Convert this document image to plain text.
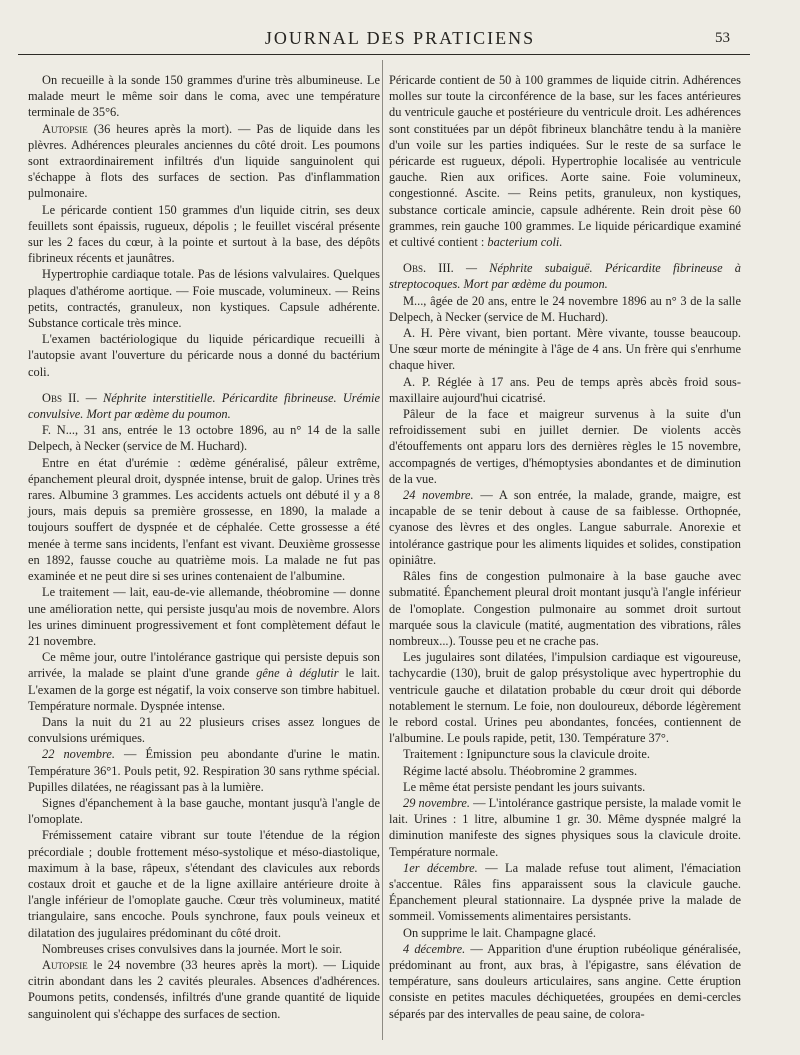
JOURNAL DES PRATICIENS	53

On recueille à la sonde 150 grammes d'urine très albumineuse. Le malade meurt le même soir dans le coma, avec une température terminale de 35°6.

Autopsie (36 heures après la mort). — Pas de liquide dans les plèvres. Adhérences pleurales anciennes du côté droit. Les poumons sont extraordinairement infiltrés d'un liquide sanguinolent qui s'échappe à flots des surfaces de section. Pas d'inflammation pulmonaire.

Le péricarde contient 150 grammes d'un liquide citrin, ses deux feuillets sont épaissis, rugueux, dépolis ; le feuillet viscéral présente sur les 2 faces du cœur, à la pointe et surtout à la base, des dépôts fibrineux récents et jaunâtres.

Hypertrophie cardiaque totale. Pas de lésions valvulaires. Quelques plaques d'athérome aortique. — Foie muscade, volumineux. — Reins petits, contractés, granuleux, non kystiques. Capsule adhérente. Substance corticale très mince.

L'examen bactériologique du liquide péricardique recueilli à l'autopsie avant l'ouverture du péricarde nous a donné du bactérium coli.

Obs II. — Néphrite interstitielle. Péricardite fibrineuse. Urémie convulsive. Mort par œdème du poumon.

F. N..., 31 ans, entrée le 13 octobre 1896, au n° 14 de la salle Delpech, à Necker (service de M. Huchard).

Entre en état d'urémie : œdème généralisé, pâleur extrême, épanchement pleural droit, dyspnée intense, bruit de galop. Urines très rares. Albumine 3 grammes. Les accidents actuels ont débuté il y a 8 jours, mais depuis sa première grossesse, en 1890, la malade a toujours souffert de dyspnée et de céphalée. Cette grossesse a été menée à terme sans incidents, l'enfant est vivant. Deuxième grossesse en 1892, fausse couche au quatrième mois. La malade ne fut pas examinée et ne peut dire si ses urines contenaient de l'albumine.

Le traitement — lait, eau-de-vie allemande, théobromine — donne une amélioration nette, qui persiste jusqu'au mois de novembre. Alors les urines diminuent progressivement et font complètement défaut le 21 novembre.

Ce même jour, outre l'intolérance gastrique qui persiste depuis son arrivée, la malade se plaint d'une grande gêne à déglutir le lait. L'examen de la gorge est négatif, la voix conserve son timbre habituel. Température normale. Dyspnée intense.

Dans la nuit du 21 au 22 plusieurs crises assez longues de convulsions urémiques.

22 novembre. — Émission peu abondante d'urine le matin. Température 36°1. Pouls petit, 92. Respiration 30 sans rythme spécial. Pupilles dilatées, ne réagissant pas à la lumière.

Signes d'épanchement à la base gauche, montant jusqu'à l'angle de l'omoplate.

Frémissement cataire vibrant sur toute l'étendue de la région précordiale ; double frottement méso-systolique et méso-diastolique, maximum à la base, râpeux, s'étendant des clavicules aux rebords costaux droit et gauche et de la ligne axillaire antérieure droite à l'angle inférieur de l'omoplate gauche. Cœur très volumineux, matité triangulaire, sans encoche. Pouls synchrone, faux pouls veineux et dilatation des jugulaires prédominant du côté droit.

Nombreuses crises convulsives dans la journée. Mort le soir.

Autopsie le 24 novembre (33 heures après la mort). — Liquide citrin abondant dans les 2 cavités pleurales. Absences d'adhérences. Poumons petits, condensés, infiltrés d'une grande quantité de liquide sanguinolent qui s'échappe des surfaces de section.

Péricarde contient de 50 à 100 grammes de liquide citrin. Adhérences molles sur toute la circonférence de la base, sur les faces antérieures du ventricule gauche et postérieure du ventricule droit. Les adhérences sont constituées par un dépôt fibrineux blanchâtre tendu à la manière d'un voile sur les parties indiquées. Sur le reste de sa surface le péricarde est rugueux, dépoli. Hypertrophie localisée au ventricule gauche. Rien aux orifices. Aorte saine. Foie volumineux, congestionné. Ascite. — Reins petits, granuleux, non kystiques, substance corticale amincie, capsule adhérente. Rein droit pèse 60 grammes, rein gauche 100 grammes. Le liquide péricardique examiné et cultivé contient : bacterium coli.

Obs. III. — Néphrite subaiguë. Péricardite fibrineuse à streptocoques. Mort par œdème du poumon.

M..., âgée de 20 ans, entre le 24 novembre 1896 au n° 3 de la salle Delpech, à Necker (service de M. Huchard).

A. H. Père vivant, bien portant. Mère vivante, tousse beaucoup. Une sœur morte de méningite à l'âge de 4 ans. Un frère qui s'enrhume chaque hiver.

A. P. Réglée à 17 ans. Peu de temps après abcès froid sous-maxillaire aujourd'hui cicatrisé.

Pâleur de la face et maigreur survenus à la suite d'un refroidissement subi en juillet dernier. De violents accès d'étouffements ont apparu lors des dernières règles le 15 novembre, accompagnés de vertiges, d'hémoptysies abondantes et de diminution de la vue.

24 novembre. — A son entrée, la malade, grande, maigre, est incapable de se tenir debout à cause de sa faiblesse. Orthopnée, cyanose des lèvres et des ongles. Langue saburrale. Anorexie et intolérance gastrique pour les aliments liquides et solides, constipation opiniâtre.

Râles fins de congestion pulmonaire à la base gauche avec submatité. Épanchement pleural droit montant jusqu'à l'angle inférieur de l'omoplate. Congestion pulmonaire au sommet droit surtout marquée sous la clavicule (matité, augmentation des vibrations, râles nombreux...). Tousse peu et ne crache pas.

Les jugulaires sont dilatées, l'impulsion cardiaque est vigoureuse, tachycardie (130), bruit de galop présystolique avec hypertrophie du ventricule gauche et dilatation probable du cœur droit qui déborde notablement le sternum. Le foie, non douloureux, déborde légèrement le rebord costal. Urines peu abondantes, foncées, contiennent de l'albumine. Le pouls rapide, petit, 130. Température 37°.

Traitement : Ignipuncture sous la clavicule droite.

Régime lacté absolu. Théobromine 2 grammes.

Le même état persiste pendant les jours suivants.

29 novembre. — L'intolérance gastrique persiste, la malade vomit le lait. Urines : 1 litre, albumine 1 gr. 30. Même dyspnée malgré la diminution manifeste des signes physiques sous la clavicule droite. Température normale.

1er décembre. — La malade refuse tout aliment, l'émaciation s'accentue. Râles fins apparaissent sous la clavicule gauche. Épanchement pleural stationnaire. La dyspnée prive la malade de sommeil. Vomissements alimentaires persistants.

On supprime le lait. Champagne glacé.

4 décembre. — Apparition d'une éruption rubéolique généralisée, prédominant au front, aux bras, à l'épigastre, sans élévation de température, sans douleurs articulaires, sans angine. Cette éruption consiste en petites macules déchiquetées, groupées en demi-cercles séparés par des intervalles de peau saine, de colora-
